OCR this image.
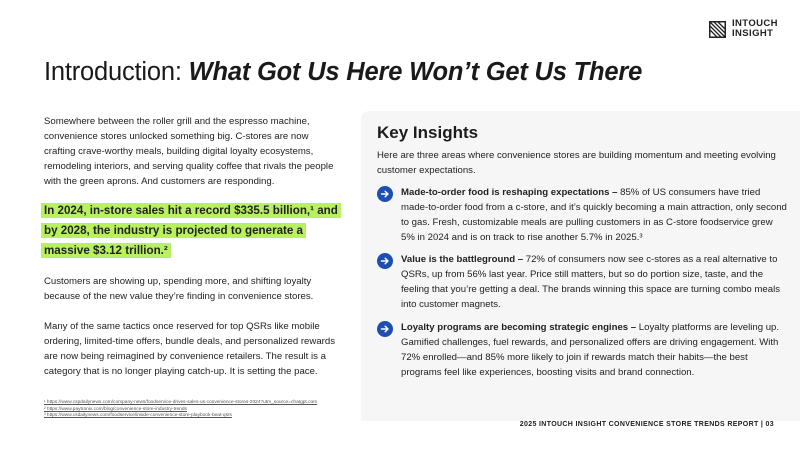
INTOUCH
INSIGHT
Introduction: What Got Us Here Won’t Get Us There

Somewhere between the roller grill and the espresso machine, convenience stores unlocked something big. C-stores are now crafting crave-worthy meals, building digital loyalty ecosystems, remodeling interiors, and serving quality coffee that rivals the people with the green aprons. And customers are responding.

In 2024, in-store sales hit a record $335.5 billion,¹ and by 2028, the industry is projected to generate a massive $3.12 trillion.²

Customers are showing up, spending more, and shifting loyalty because of the new value they’re finding in convenience stores.

Many of the same tactics once reserved for top QSRs like mobile ordering, limited-time offers, bundle deals, and personalized rewards are now being reimagined by convenience retailers. The result is a category that is no longer playing catch-up. It is setting the pace.

¹ https://www.cspdailynews.com/company-news/foodservice-drives-sales-us-convenience-stores-2024?utm_source=chatgpt.com
² https://www.paytronix.com/blog/convenience-store-industry-trends
³ https://www.csdailynews.com/foodservice/inside-convenience-store-playbook-beat-qsrs
Key Insights

Here are three areas where convenience stores are building momentum and meeting evolving customer expectations.

Made-to-order food is reshaping expectations – 85% of US consumers have tried made-to-order food from a c-store, and it’s quickly becoming a main attraction, only second to gas. Fresh, customizable meals are pulling customers in as C-store foodservice grew 5% in 2024 and is on track to rise another 5.7% in 2025.³

Value is the battleground – 72% of consumers now see c-stores as a real alternative to QSRs, up from 56% last year. Price still matters, but so do portion size, taste, and the feeling that you’re getting a deal. The brands winning this space are turning combo meals into customer magnets.

Loyalty programs are becoming strategic engines – Loyalty platforms are leveling up. Gamified challenges, fuel rewards, and personalized offers are driving engagement. With 72% enrolled—and 85% more likely to join if rewards match their habits—the best programs feel like experiences, boosting visits and brand connection.

2025 INTOUCH INSIGHT CONVENIENCE STORE TRENDS REPORT | 03
